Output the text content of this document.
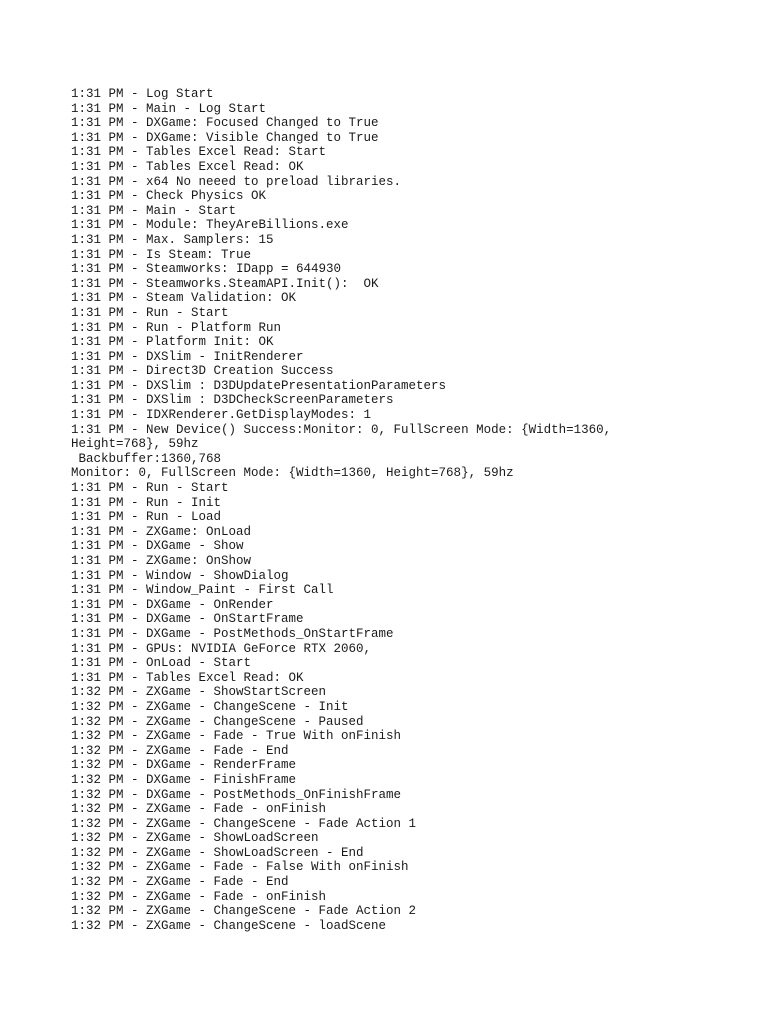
1:31 PM - Log Start
1:31 PM - Main - Log Start
1:31 PM - DXGame: Focused Changed to True
1:31 PM - DXGame: Visible Changed to True
1:31 PM - Tables Excel Read: Start
1:31 PM - Tables Excel Read: OK
1:31 PM - x64 No neeed to preload libraries.
1:31 PM - Check Physics OK
1:31 PM - Main - Start
1:31 PM - Module: TheyAreBillions.exe
1:31 PM - Max. Samplers: 15
1:31 PM - Is Steam: True
1:31 PM - Steamworks: IDapp = 644930
1:31 PM - Steamworks.SteamAPI.Init():  OK
1:31 PM - Steam Validation: OK
1:31 PM - Run - Start
1:31 PM - Run - Platform Run
1:31 PM - Platform Init: OK
1:31 PM - DXSlim - InitRenderer
1:31 PM - Direct3D Creation Success
1:31 PM - DXSlim : D3DUpdatePresentationParameters
1:31 PM - DXSlim : D3DCheckScreenParameters
1:31 PM - IDXRenderer.GetDisplayModes: 1
1:31 PM - New Device() Success:Monitor: 0, FullScreen Mode: {Width=1360,
Height=768}, 59hz
Backbuffer:1360,768
Monitor: 0, FullScreen Mode: {Width=1360, Height=768}, 59hz
1:31 PM - Run - Start
1:31 PM - Run - Init
1:31 PM - Run - Load
1:31 PM - ZXGame: OnLoad
1:31 PM - DXGame - Show
1:31 PM - ZXGame: OnShow
1:31 PM - Window - ShowDialog
1:31 PM - Window_Paint - First Call
1:31 PM - DXGame - OnRender
1:31 PM - DXGame - OnStartFrame
1:31 PM - DXGame - PostMethods_OnStartFrame
1:31 PM - GPUs: NVIDIA GeForce RTX 2060,
1:31 PM - OnLoad - Start
1:31 PM - Tables Excel Read: OK
1:32 PM - ZXGame - ShowStartScreen
1:32 PM - ZXGame - ChangeScene - Init
1:32 PM - ZXGame - ChangeScene - Paused
1:32 PM - ZXGame - Fade - True With onFinish
1:32 PM - ZXGame - Fade - End
1:32 PM - DXGame - RenderFrame
1:32 PM - DXGame - FinishFrame
1:32 PM - DXGame - PostMethods_OnFinishFrame
1:32 PM - ZXGame - Fade - onFinish
1:32 PM - ZXGame - ChangeScene - Fade Action 1
1:32 PM - ZXGame - ShowLoadScreen
1:32 PM - ZXGame - ShowLoadScreen - End
1:32 PM - ZXGame - Fade - False With onFinish
1:32 PM - ZXGame - Fade - End
1:32 PM - ZXGame - Fade - onFinish
1:32 PM - ZXGame - ChangeScene - Fade Action 2
1:32 PM - ZXGame - ChangeScene - loadScene
